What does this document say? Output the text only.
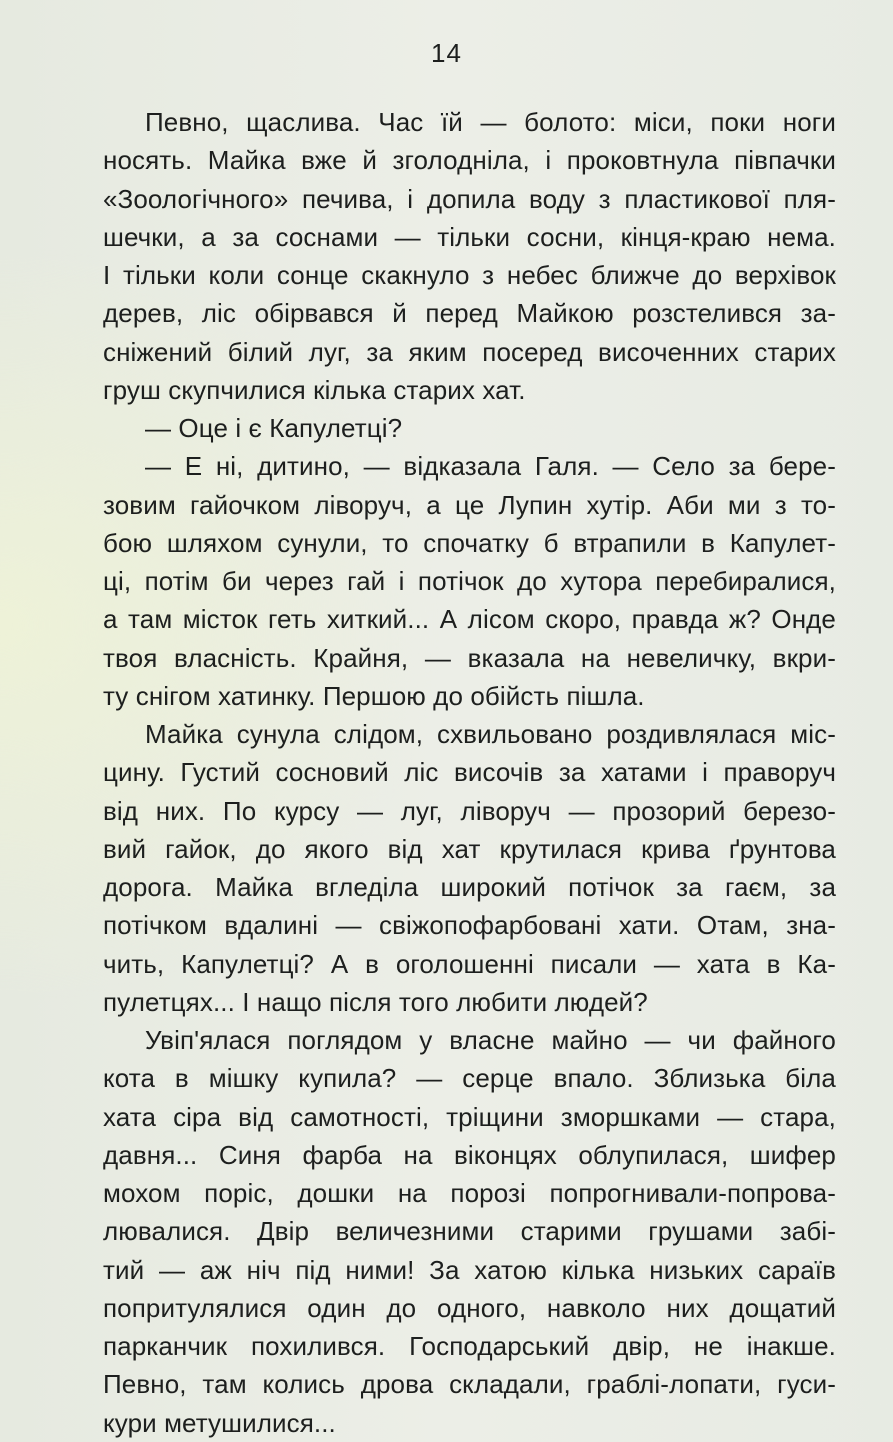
14
Певно, щаслива. Час їй — болото: міси, поки ноги
носять. Майка вже й зголодніла, і проковтнула півпачки
«Зоологічного» печива, і допила воду з пластикової пля-
шечки, а за соснами — тільки сосни, кінця-краю нема.
І тільки коли сонце скакнуло з небес ближче до верхівок
дерев, ліс обірвався й перед Майкою розстелився за-
сніжений білий луг, за яким посеред височенних старих
груш скупчилися кілька старих хат.
— Оце і є Капулетці?
— Е ні, дитино, — відказала Галя. — Село за бере-
зовим гайочком ліворуч, а це Лупин хутір. Аби ми з то-
бою шляхом сунули, то спочатку б втрапили в Капулет-
ці, потім би через гай і потічок до хутора перебиралися,
а там місток геть хиткий... А лісом скоро, правда ж? Онде
твоя власність. Крайня, — вказала на невеличку, вкри-
ту снігом хатинку. Першою до обійсть пішла.
Майка сунула слідом, схвильовано роздивлялася міс-
цину. Густий сосновий ліс височів за хатами і праворуч
від них. По курсу — луг, ліворуч — прозорий березо-
вий гайок, до якого від хат крутилася крива ґрунтова
дорога. Майка вгледіла широкий потічок за гаєм, за
потічком вдалині — свіжопофарбовані хати. Отам, зна-
чить, Капулетці? А в оголошенні писали — хата в Ка-
пулетцях... І нащо після того любити людей?
Увіп'ялася поглядом у власне майно — чи файного
кота в мішку купила? — серце впало. Зблизька біла
хата сіра від самотності, тріщини зморшками — стара,
давня... Синя фарба на віконцях облупилася, шифер
мохом поріс, дошки на порозі попрогнивали-пoпрова-
лювалися. Двір величезними старими грушами забі-
тий — аж ніч під ними! За хатою кілька низьких сараїв
попритулялися один до одного, навколо них дощатий
парканчик похилився. Господарський двір, не інакше.
Певно, там колись дрова складали, граблі-лопати, гуси-
кури метушилися...
